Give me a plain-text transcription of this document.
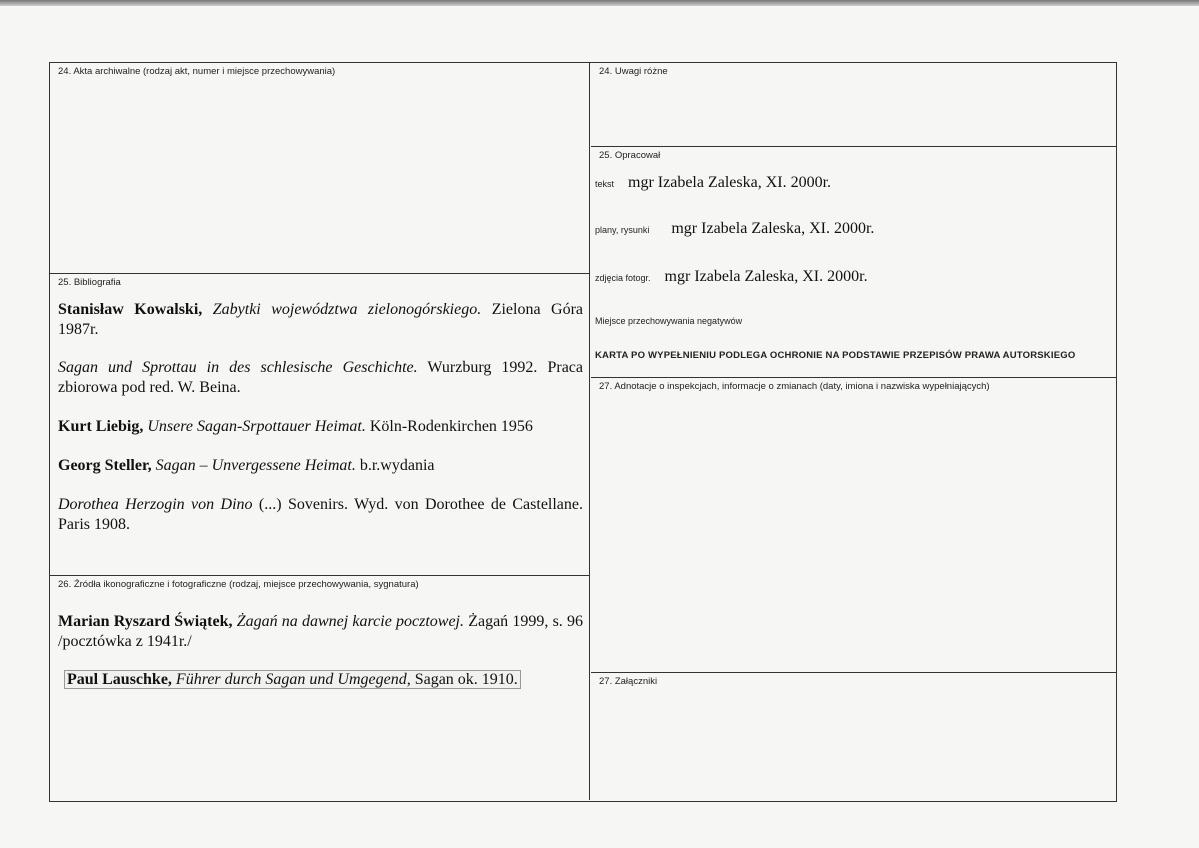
24. Akta archiwalne (rodzaj akt, numer i miejsce przechowywania)
25. Bibliografia
Stanisław Kowalski, Zabytki województwa zielonogórskiego. Zielona Góra 1987r.
Sagan und Sprottau in des schlesische Geschichte. Wurzburg 1992. Praca zbiorowa pod red. W. Beina.
Kurt Liebig, Unsere Sagan-Srpottauer Heimat. Köln-Rodenkirchen 1956
Georg Steller, Sagan – Unvergessene Heimat. b.r.wydania
Dorothea Herzogin von Dino (...) Sovenirs. Wyd. von Dorothee de Castellane. Paris 1908.
26. Źródła ikonograficzne i fotograficzne (rodzaj, miejsce przechowywania, sygnatura)
Marian Ryszard Świątek, Żagań na dawnej karcie pocztowej. Żagań 1999, s. 96 /pocztówka z 1941r./
Paul Lauschke, Führer durch Sagan und Umgegend, Sagan ok. 1910.
24. Uwagi różne
25. Opracował
tekst mgr Izabela Zaleska, XI. 2000r.
plany, rysunki mgr Izabela Zaleska, XI. 2000r.
zdjęcia fotogr. mgr Izabela Zaleska, XI. 2000r.
Miejsce przechowywania negatywów
KARTA PO WYPEŁNIENIU PODLEGA OCHRONIE NA PODSTAWIE PRZEPISÓW PRAWA AUTORSKIEGO
27. Adnotacje o inspekcjach, informacje o zmianach (daty, imiona i nazwiska wypełniających)
27. Załączniki
